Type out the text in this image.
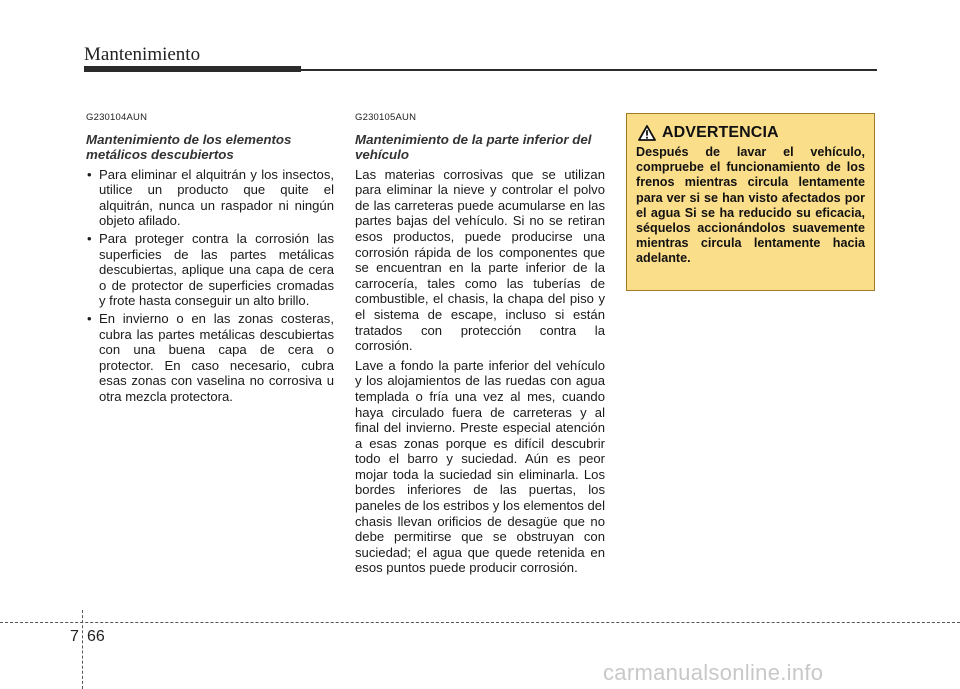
Mantenimiento
G230104AUN
Mantenimiento de los elementos metálicos descubiertos
• Para eliminar el alquitrán y los insectos, utilice un producto que quite el alquitrán, nunca un raspador ni ningún objeto afilado.
• Para proteger contra la corrosión las superficies de las partes metálicas descubiertas, aplique una capa de cera o de protector de superficies cromadas y frote hasta conseguir un alto brillo.
• En invierno o en las zonas costeras, cubra las partes metálicas descubiertas con una buena capa de cera o protector. En caso necesario, cubra esas zonas con vaselina no corrosiva u otra mezcla protectora.
G230105AUN
Mantenimiento de la parte inferior del vehículo

Las materias corrosivas que se utilizan para eliminar la nieve y controlar el polvo de las carreteras puede acumularse en las partes bajas del vehículo. Si no se retiran esos productos, puede producirse una corrosión rápida de los componentes que se encuentran en la parte inferior de la carrocería, tales como las tuberías de combustible, el chasis, la chapa del piso y el sistema de escape, incluso si están tratados con protección contra la corrosión.

Lave a fondo la parte inferior del vehículo y los alojamientos de las ruedas con agua templada o fría una vez al mes, cuando haya circulado fuera de carreteras y al final del invierno. Preste especial atención a esas zonas porque es difícil descubrir todo el barro y suciedad. Aún es peor mojar toda la suciedad sin eliminarla. Los bordes inferiores de las puertas, los paneles de los estribos y los elementos del chasis llevan orificios de desagüe que no debe permitirse que se obstruyan con suciedad; el agua que quede retenida en esos puntos puede producir corrosión.

ADVERTENCIA
Después de lavar el vehículo, compruebe el funcionamiento de los frenos mientras circula lentamente para ver si se han visto afectados por el agua Si se ha reducido su eficacia, séquelos accionándolos suavemente mientras circula lentamente hacia adelante.
7 66
carmanualsonline.info
